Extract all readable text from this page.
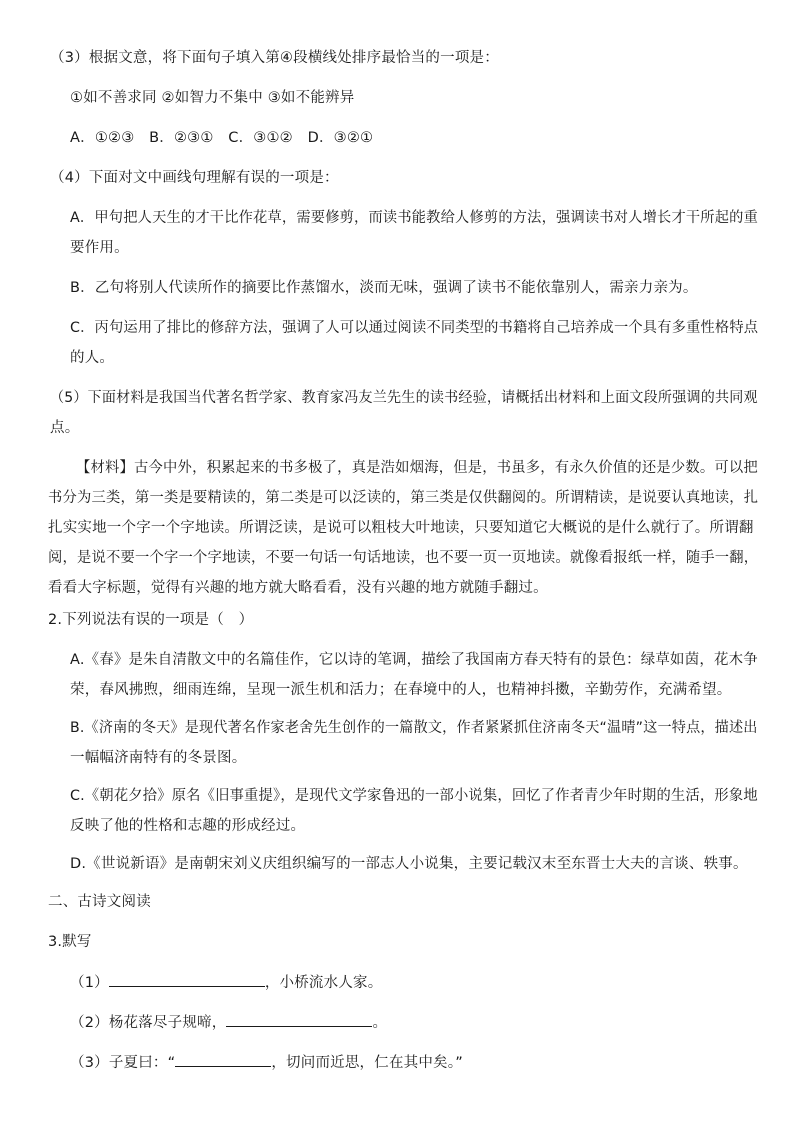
（3）根据文意，将下面句子填入第④段横线处排序最恰当的一项是：
①如不善求同 ②如智力不集中 ③如不能辨异
A．①②③　B．②③①　C．③①②　D．③②①
（4）下面对文中画线句理解有误的一项是：
A．甲句把人天生的才干比作花草，需要修剪，而读书能教给人修剪的方法，强调读书对人增长才干所起的重
要作用。
B．乙句将别人代读所作的摘要比作蒸馏水，淡而无味，强调了读书不能依靠别人，需亲力亲为。
C．丙句运用了排比的修辞方法，强调了人可以通过阅读不同类型的书籍将自己培养成一个具有多重性格特点
的人。
（5）下面材料是我国当代著名哲学家、教育家冯友兰先生的读书经验，请概括出材料和上面文段所强调的共同观
点。
【材料】古今中外，积累起来的书多极了，真是浩如烟海，但是，书虽多，有永久价值的还是少数。可以把
书分为三类，第一类是要精读的，第二类是可以泛读的，第三类是仅供翻阅的。所谓精读，是说要认真地读，扎
扎实实地一个字一个字地读。所谓泛读，是说可以粗枝大叶地读，只要知道它大概说的是什么就行了。所谓翻
阅，是说不要一个字一个字地读，不要一句话一句话地读，也不要一页一页地读。就像看报纸一样，随手一翻，
看看大字标题，觉得有兴趣的地方就大略看看，没有兴趣的地方就随手翻过。
2.下列说法有误的一项是（　）
A.《春》是朱自清散文中的名篇佳作，它以诗的笔调，描绘了我国南方春天特有的景色：绿草如茵，花木争
荣，春风拂煦，细雨连绵，呈现一派生机和活力；在春境中的人，也精神抖擞，辛勤劳作，充满希望。
B.《济南的冬天》是现代著名作家老舍先生创作的一篇散文，作者紧紧抓住济南冬天“温晴”这一特点，描述出
一幅幅济南特有的冬景图。
C.《朝花夕拾》原名《旧事重提》，是现代文学家鲁迅的一部小说集，回忆了作者青少年时期的生活，形象地
反映了他的性格和志趣的形成经过。
D.《世说新语》是南朝宋刘义庆组织编写的一部志人小说集，主要记载汉末至东晋士大夫的言谈、轶事。
二、古诗文阅读
3.默写
（1）	，小桥流水人家。
（2）杨花落尽子规啼，	。
（3）子夏曰：“	，切问而近思，仁在其中矣。”
